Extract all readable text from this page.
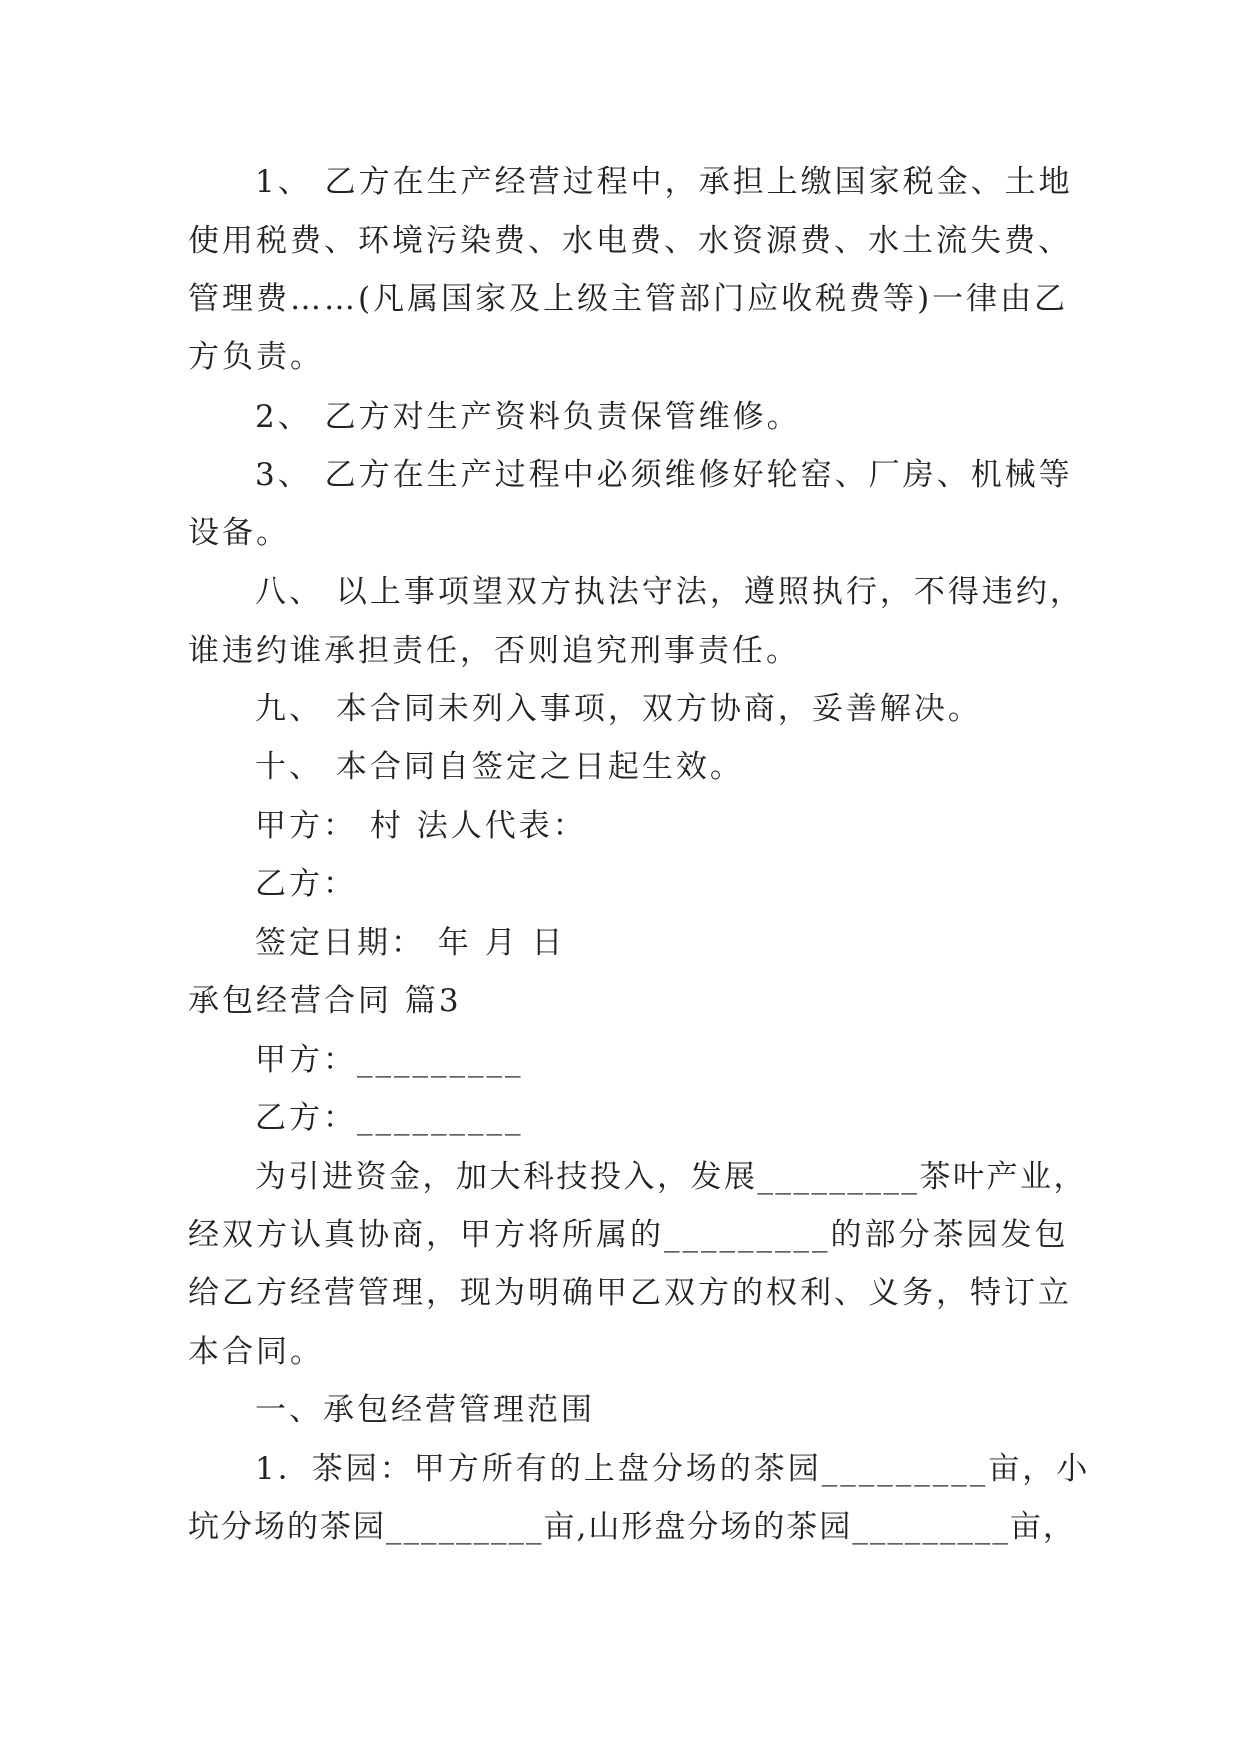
1、 乙方在生产经营过程中，承担上缴国家税金、土地
使用税费、环境污染费、水电费、水资源费、水土流失费、
管理费……(凡属国家及上级主管部门应收税费等)一律由乙
方负责。
2、 乙方对生产资料负责保管维修。
3、 乙方在生产过程中必须维修好轮窑、厂房、机械等
设备。
八、 以上事项望双方执法守法，遵照执行，不得违约，
谁违约谁承担责任，否则追究刑事责任。
九、 本合同未列入事项，双方协商，妥善解决。
十、 本合同自签定之日起生效。
甲方： 村 法人代表：
乙方：
签定日期： 年 月 日
承包经营合同 篇3
甲方：_________
乙方：_________
为引进资金，加大科技投入，发展_________茶叶产业，
经双方认真协商，甲方将所属的_________的部分茶园发包
给乙方经营管理，现为明确甲乙双方的权利、义务，特订立
本合同。
一、承包经营管理范围
1．茶园：甲方所有的上盘分场的茶园_________亩，小
坑分场的茶园_________亩,山形盘分场的茶园_________亩，
